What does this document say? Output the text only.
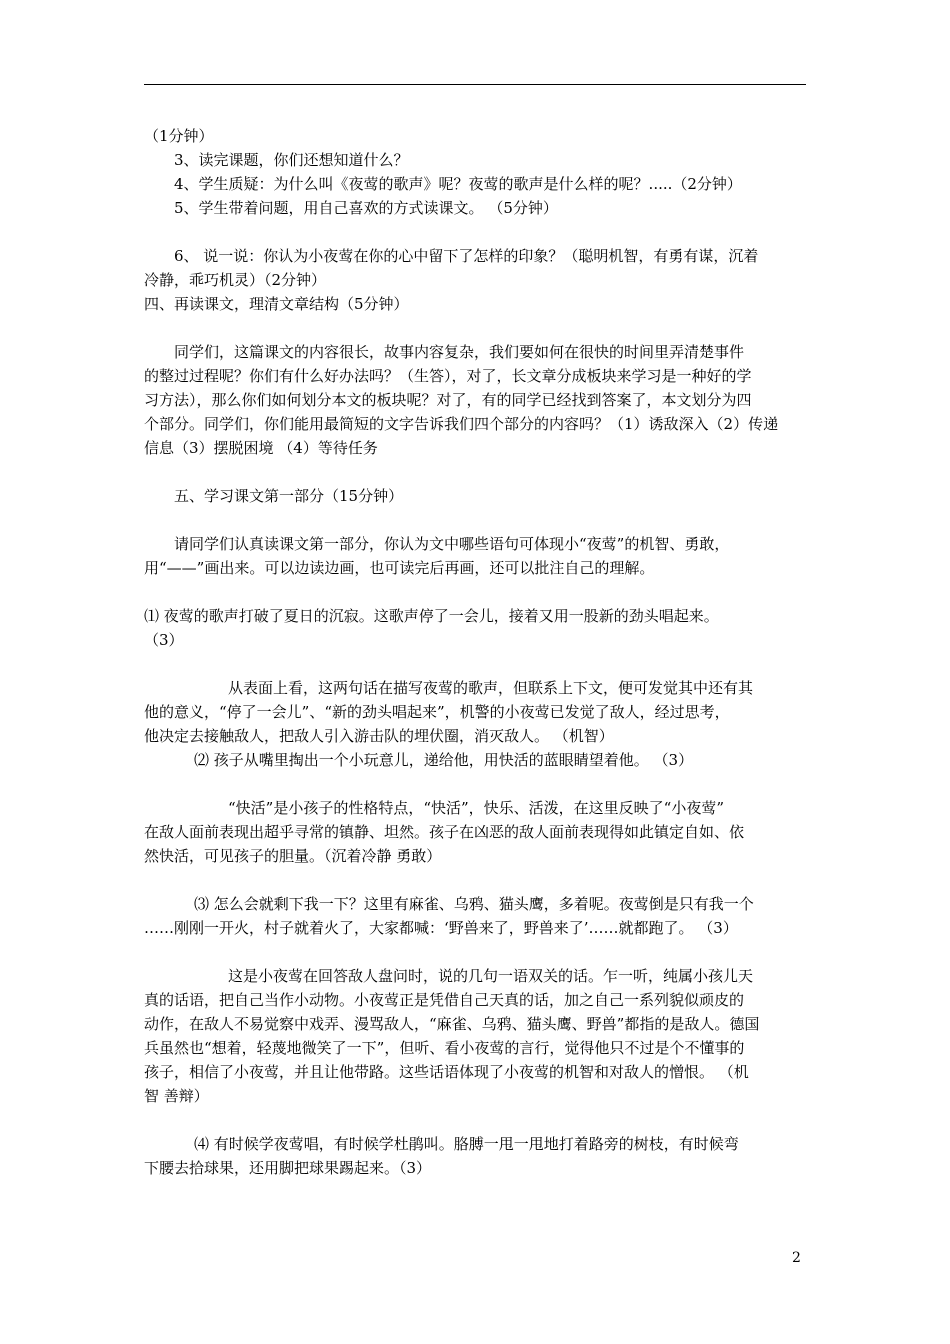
（1分钟）
3、读完课题，你们还想知道什么？
4、学生质疑：为什么叫《夜莺的歌声》呢？夜莺的歌声是什么样的呢？.....（2分钟）
5、学生带着问题，用自己喜欢的方式读课文。 （5分钟）
6、 说一说：你认为小夜莺在你的心中留下了怎样的印象？（聪明机智，有勇有谋，沉着
冷静，乖巧机灵）（2分钟）
四、再读课文，理清文章结构（5分钟）
同学们，这篇课文的内容很长，故事内容复杂，我们要如何在很快的时间里弄清楚事件
的整过过程呢？你们有什么好办法吗？（生答），对了，长文章分成板块来学习是一种好的学
习方法），那么你们如何划分本文的板块呢？对了，有的同学已经找到答案了，本文划分为四
个部分。同学们，你们能用最简短的文字告诉我们四个部分的内容吗？（1）诱敌深入（2）传递
信息（3）摆脱困境 （4）等待任务
五、学习课文第一部分（15分钟）
请同学们认真读课文第一部分，你认为文中哪些语句可体现小“夜莺”的机智、勇敢，
用“——”画出来。可以边读边画，也可读完后再画，还可以批注自己的理解。
⑴ 夜莺的歌声打破了夏日的沉寂。这歌声停了一会儿，接着又用一股新的劲头唱起来。
（3）
从表面上看，这两句话在描写夜莺的歌声，但联系上下文，便可发觉其中还有其
他的意义，“停了一会儿”、“新的劲头唱起来”，机警的小夜莺已发觉了敌人，经过思考，
他决定去接触敌人，把敌人引入游击队的埋伏圈，消灭敌人。 （机智）
⑵ 孩子从嘴里掏出一个小玩意儿，递给他，用快活的蓝眼睛望着他。 （3）
“快活”是小孩子的性格特点，“快活”，快乐、活泼，在这里反映了“小夜莺”
在敌人面前表现出超乎寻常的镇静、坦然。孩子在凶恶的敌人面前表现得如此镇定自如、依
然快活，可见孩子的胆量。（沉着冷静 勇敢）
⑶ 怎么会就剩下我一下？这里有麻雀、乌鸦、猫头鹰，多着呢。夜莺倒是只有我一个
……刚刚一开火，村子就着火了，大家都喊：‘野兽来了，野兽来了’……就都跑了。 （3）
这是小夜莺在回答敌人盘问时，说的几句一语双关的话。乍一听，纯属小孩儿天
真的话语，把自己当作小动物。小夜莺正是凭借自己天真的话，加之自己一系列貌似顽皮的
动作，在敌人不易觉察中戏弄、漫骂敌人，“麻雀、乌鸦、猫头鹰、野兽”都指的是敌人。德国
兵虽然也“想着，轻蔑地微笑了一下”，但听、看小夜莺的言行，觉得他只不过是个不懂事的
孩子，相信了小夜莺，并且让他带路。这些话语体现了小夜莺的机智和对敌人的憎恨。 （机
智 善辩）
⑷ 有时候学夜莺唱，有时候学杜鹃叫。胳膊一甩一甩地打着路旁的树枝，有时候弯
下腰去拾球果，还用脚把球果踢起来。（3）
2
